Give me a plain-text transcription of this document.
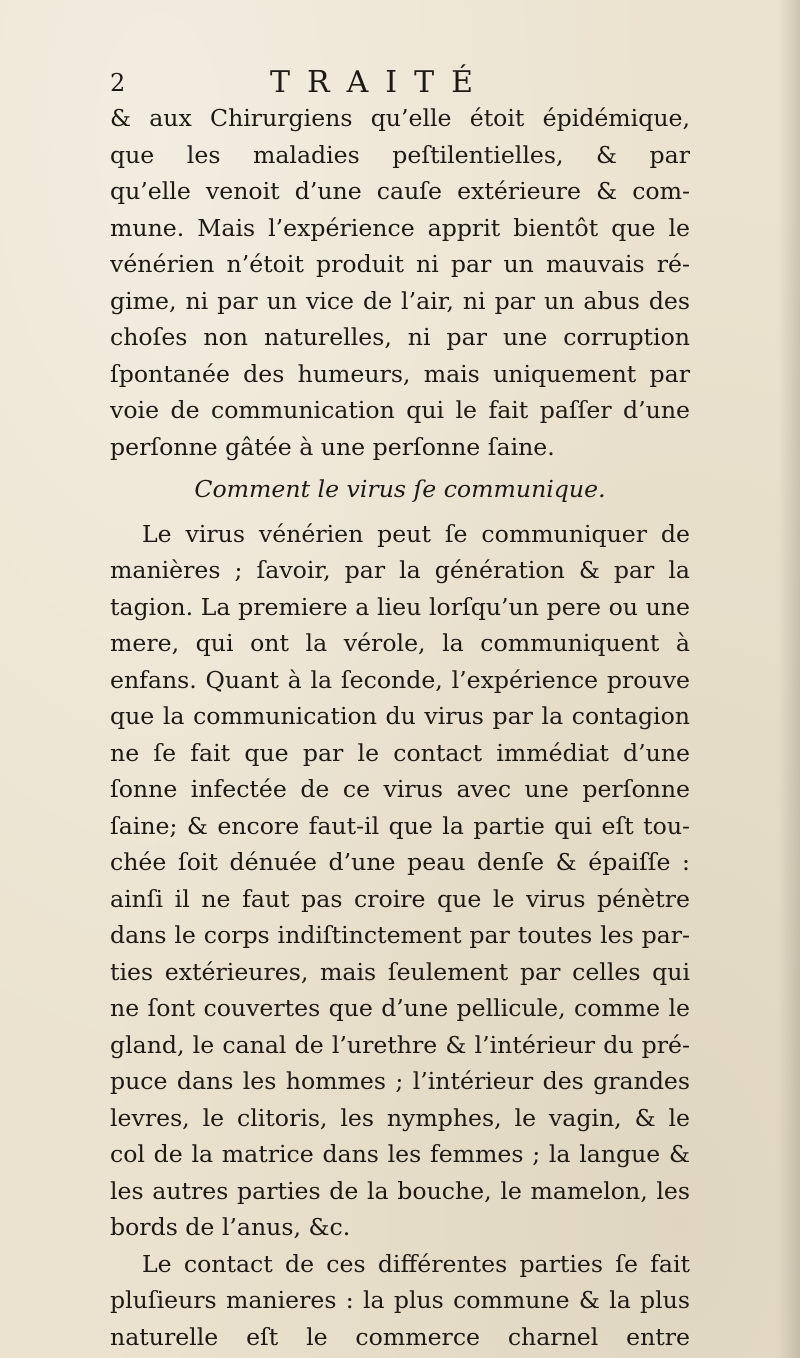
2	TRAITÉ
& aux Chirurgiens qu’elle étoit épidémique,
que les maladies peſtilentielles, & par
qu’elle venoit d’une cauſe extérieure & com-
mune. Mais l’expérience apprit bientôt que le
vénérien n’étoit produit ni par un mauvais ré-
gime, ni par un vice de l’air, ni par un abus des
choſes non naturelles, ni par une corruption
ſpontanée des humeurs, mais uniquement par
voie de communication qui le fait paſſer d’une
perſonne gâtée à une perſonne ſaine.
Comment le virus ſe communique.
Le virus vénérien peut ſe communiquer de
manières ; ſavoir, par la génération & par la
tagion. La premiere a lieu lorſqu’un pere ou une
mere, qui ont la vérole, la communiquent à
enfans. Quant à la ſeconde, l’expérience prouve
que la communication du virus par la contagion
ne ſe fait que par le contact immédiat d’une
ſonne infectée de ce virus avec une perſonne
ſaine; & encore faut-il que la partie qui eſt tou-
chée ſoit dénuée d’une peau denſe & épaiſſe :
ainſi il ne faut pas croire que le virus pénètre
dans le corps indiſtinctement par toutes les par-
ties extérieures, mais ſeulement par celles qui
ne ſont couvertes que d’une pellicule, comme le
gland, le canal de l’urethre & l’intérieur du pré-
puce dans les hommes ; l’intérieur des grandes
levres, le clitoris, les nymphes, le vagin, & le
col de la matrice dans les femmes ; la langue &
les autres parties de la bouche, le mamelon, les
bords de l’anus, &c.
Le contact de ces différentes parties ſe fait
pluſieurs manieres : la plus commune & la plus
naturelle eſt le commerce charnel entre
